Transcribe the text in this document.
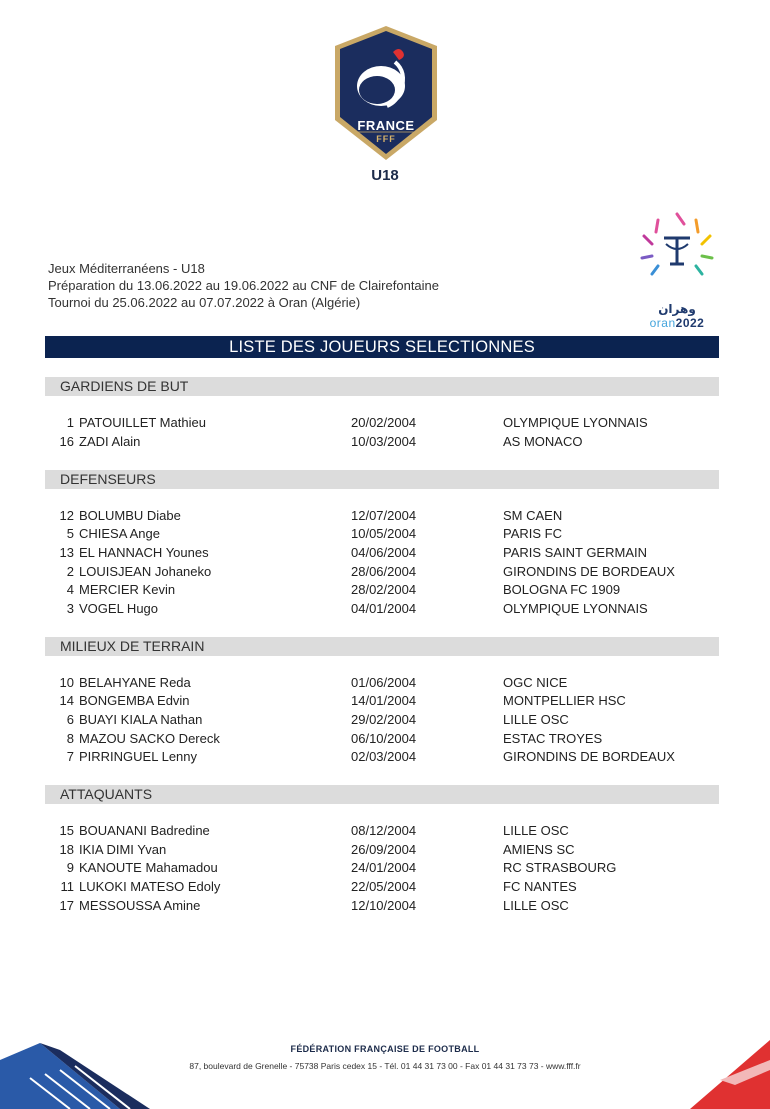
FRANCE
FFF
U18
وهران
oran2022
Jeux Méditerranéens - U18
Préparation du 13.06.2022 au 19.06.2022 au CNF de Clairefontaine
Tournoi du 25.06.2022 au 07.07.2022 à Oran (Algérie)
LISTE DES JOUEURS SELECTIONNES
GARDIENS DE BUT
1 PATOUILLET Mathieu	20/02/2004	OLYMPIQUE LYONNAIS
16 ZADI Alain	10/03/2004	AS MONACO
DEFENSEURS
12 BOLUMBU Diabe	12/07/2004	SM CAEN
5 CHIESA Ange	10/05/2004	PARIS FC
13 EL HANNACH Younes	04/06/2004	PARIS SAINT GERMAIN
2 LOUISJEAN Johaneko	28/06/2004	GIRONDINS DE BORDEAUX
4 MERCIER Kevin	28/02/2004	BOLOGNA FC 1909
3 VOGEL Hugo	04/01/2004	OLYMPIQUE LYONNAIS
MILIEUX DE TERRAIN
10 BELAHYANE Reda	01/06/2004	OGC NICE
14 BONGEMBA Edvin	14/01/2004	MONTPELLIER HSC
6 BUAYI KIALA Nathan	29/02/2004	LILLE OSC
8 MAZOU SACKO Dereck	06/10/2004	ESTAC TROYES
7 PIRRINGUEL Lenny	02/03/2004	GIRONDINS DE BORDEAUX
ATTAQUANTS
15 BOUANANI Badredine	08/12/2004	LILLE OSC
18 IKIA DIMI Yvan	26/09/2004	AMIENS SC
9 KANOUTE Mahamadou	24/01/2004	RC STRASBOURG
11 LUKOKI MATESO Edoly	22/05/2004	FC NANTES
17 MESSOUSSA Amine	12/10/2004	LILLE OSC
FÉDÉRATION FRANÇAISE DE FOOTBALL
87, boulevard de Grenelle - 75738 Paris cedex 15 - Tél. 01 44 31 73 00 - Fax 01 44 31 73 73 - www.fff.fr
